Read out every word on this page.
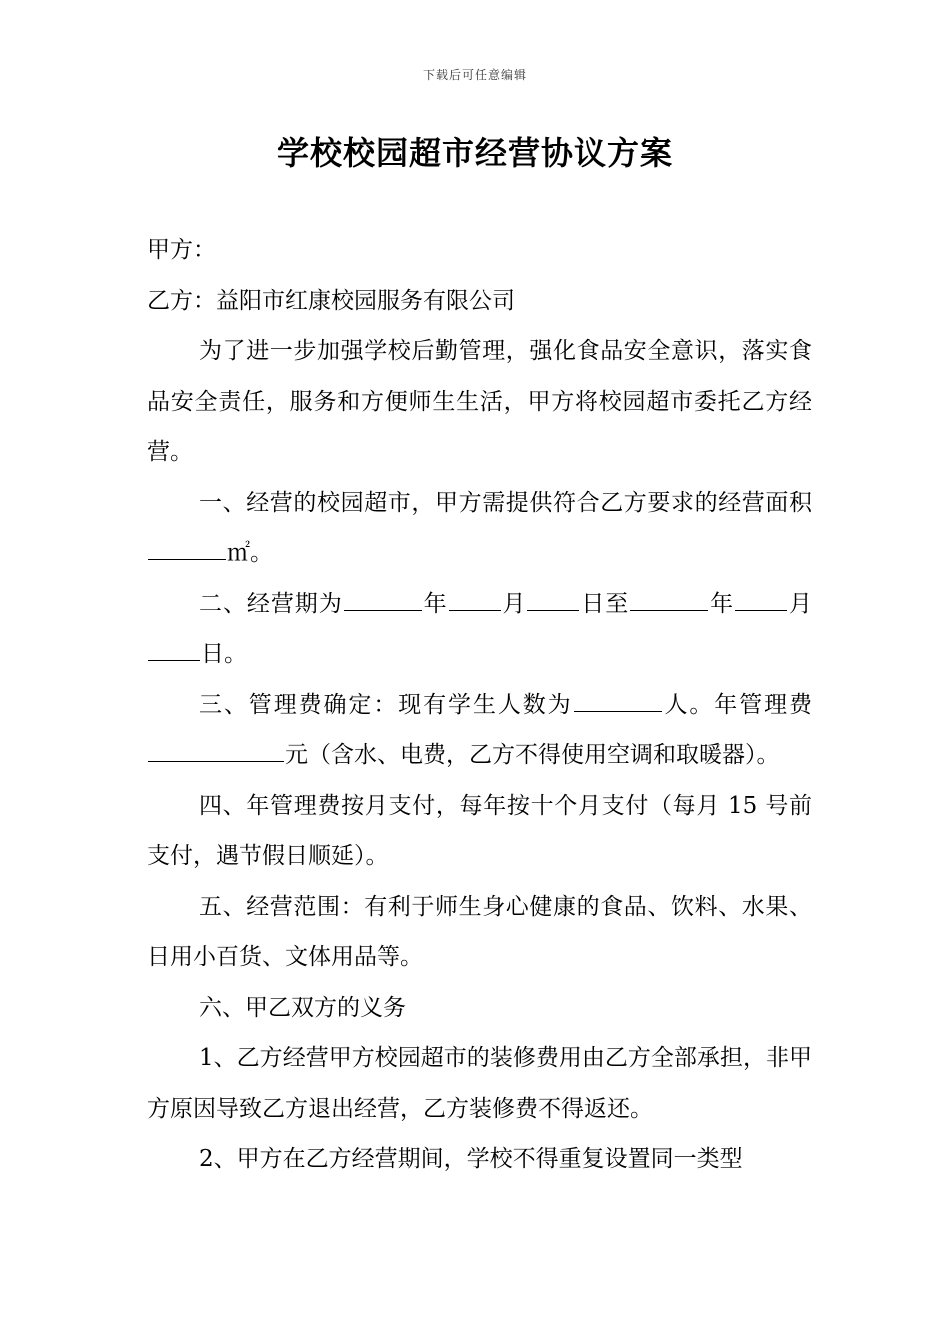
下载后可任意编辑
学校校园超市经营协议方案

甲方：

乙方：益阳市红康校园服务有限公司

为了进一步加强学校后勤管理，强化食品安全意识，落实食品安全责任，服务和方便师生生活，甲方将校园超市委托乙方经营。

一、经营的校园超市，甲方需提供符合乙方要求的经营面积㎡。

二、经营期为	年 月 日至	年 月日。

三、管理费确定：现有学生人数为	人。年管理费元（含水、电费，乙方不得使用空调和取暖器）。

四、年管理费按月支付，每年按十个月支付（每月 15 号前支付，遇节假日顺延）。

五、经营范围：有利于师生身心健康的食品、饮料、水果、日用小百货、文体用品等。

六、甲乙双方的义务

1、乙方经营甲方校园超市的装修费用由乙方全部承担，非甲方原因导致乙方退出经营，乙方装修费不得返还。

2、甲方在乙方经营期间，学校不得重复设置同一类型
